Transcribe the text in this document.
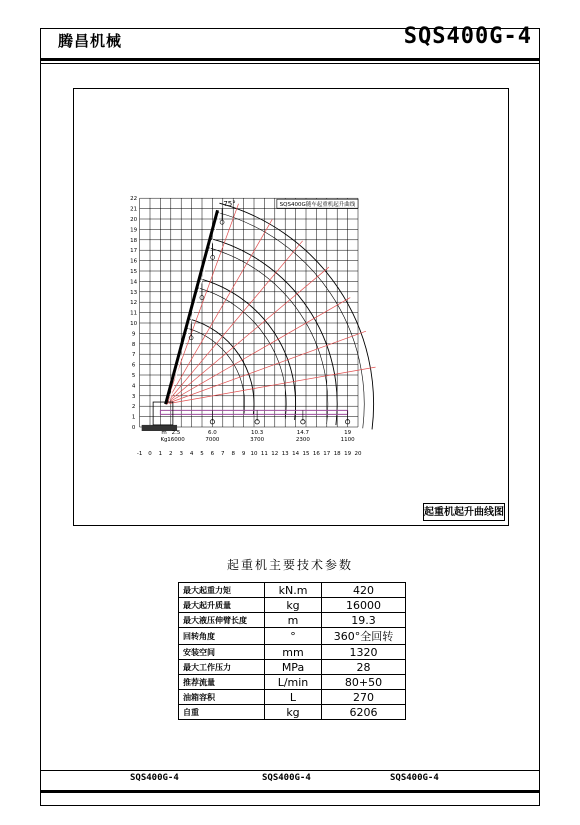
腾昌机械	SQS400G-4
0
1
2
3
4
5
6
7
8
9
10
11
12
13
14
15
16
17
18
19
20
21
22
-1 0 1 2 3 4 5 6 7 8 9 10 11 12 13 14 15 16 17 18 19 20
75°
m
Kg
2.5
16000
6.0
7000
10.3
3700
14.7
2300
19
1100
SQS400G随车起重机起升曲线
起重机起升曲线图
起重机主要技术参数
最大起重力矩	kN.m	420
最大起升质量	kg	16000
最大液压伸臂长度	m	19.3
回转角度	°	360°全回转
安装空间	mm	1320
最大工作压力	MPa	28
推荐流量	L/min	80+50
油箱容积	L	270
自重	kg	6206
SQS400G-4	SQS400G-4	SQS400G-4
